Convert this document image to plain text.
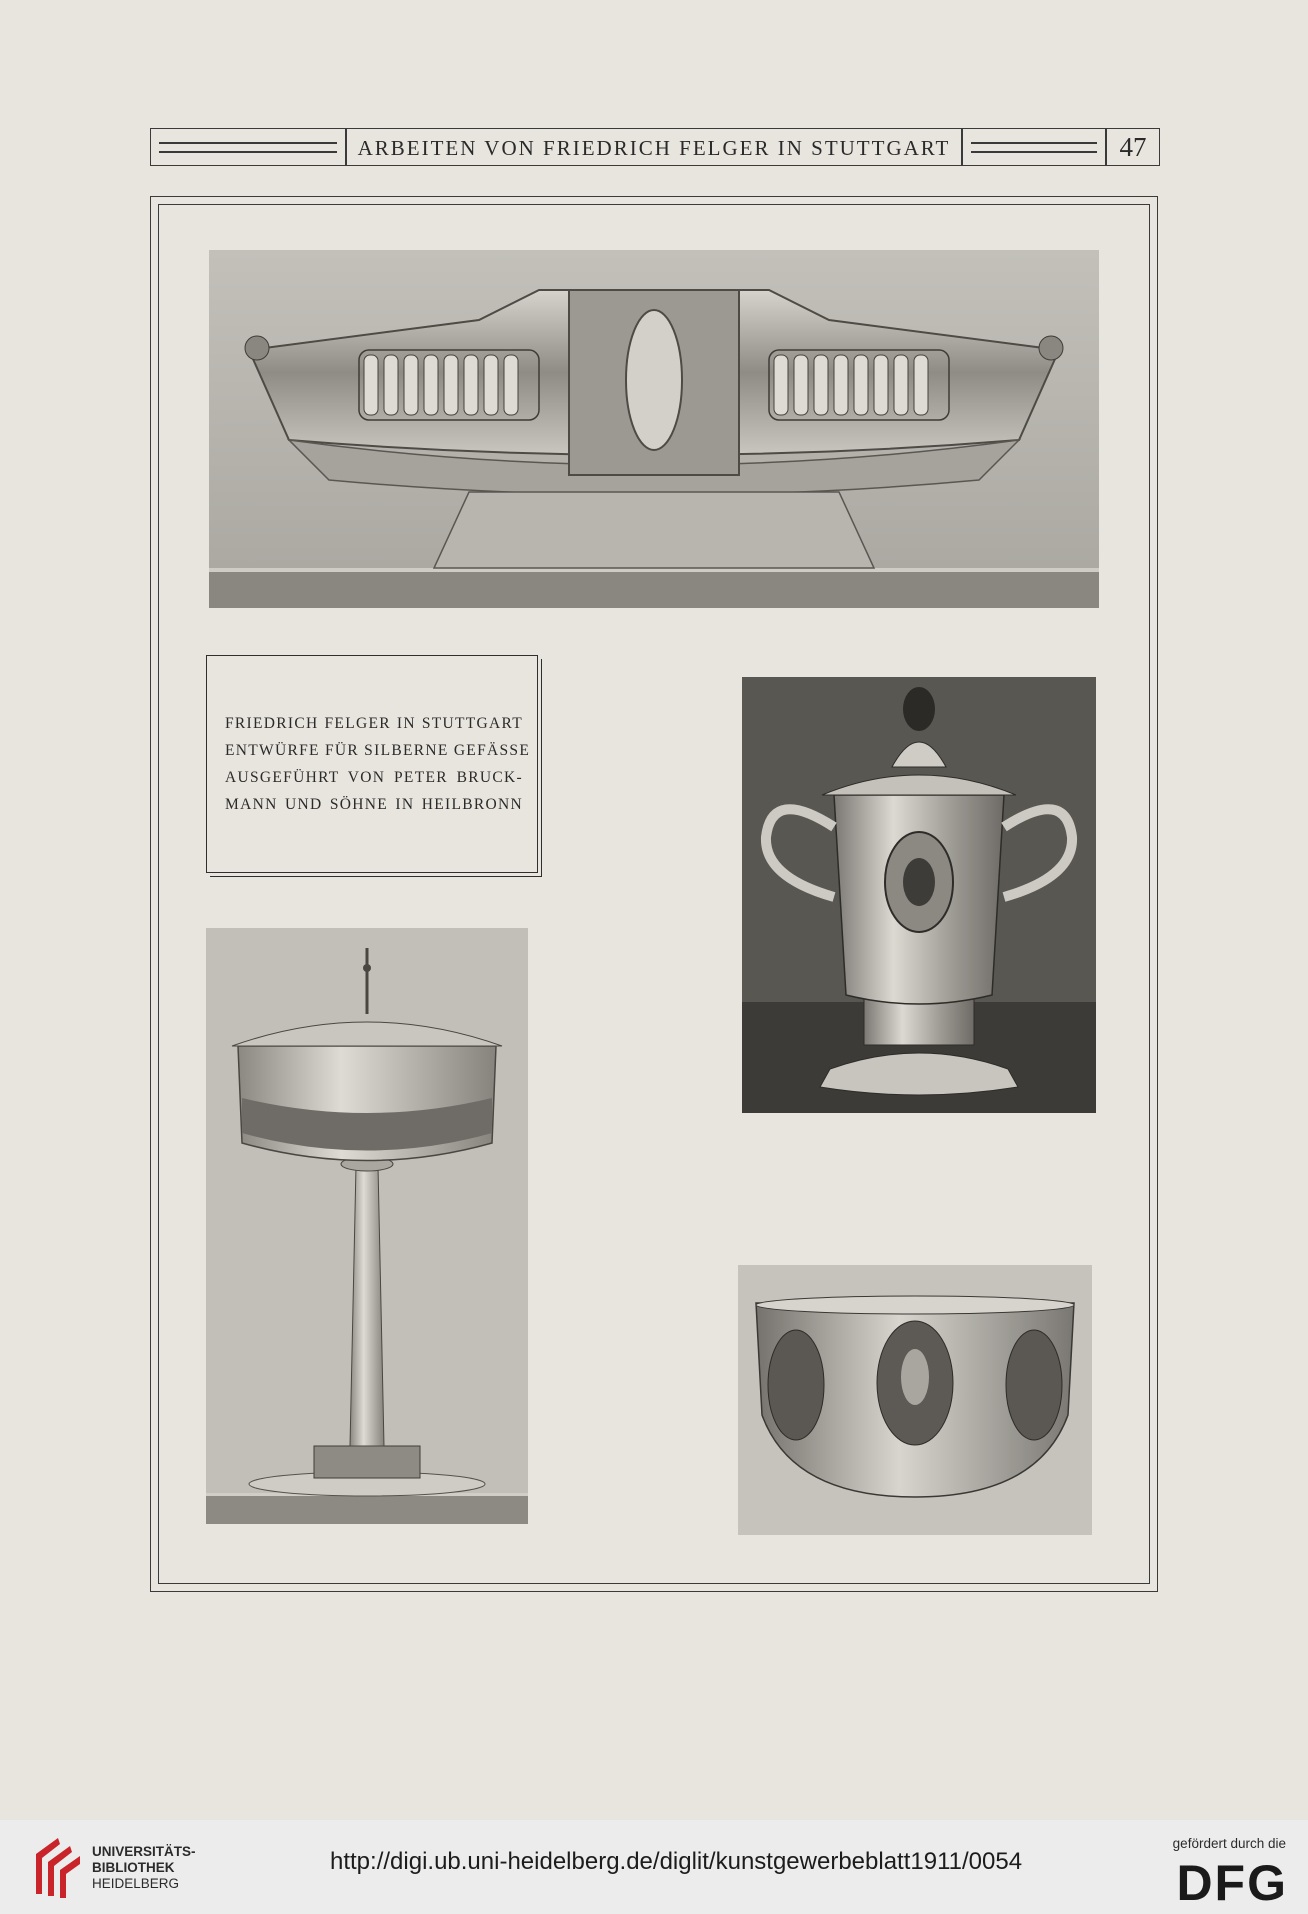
ARBEITEN VON FRIEDRICH FELGER IN STUTTGART	47
FRIEDRICH FELGER IN STUTTGART
ENTWÜRFE FÜR SILBERNE GEFÄSSE
AUSGEFÜHRT VON PETER BRUCK-
MANN UND SÖHNE IN HEILBRONN
UNIVERSITÄTS-
BIBLIOTHEK
HEIDELBERG
http://digi.ub.uni-heidelberg.de/diglit/kunstgewerbeblatt1911/0054
gefördert durch die
DFG
